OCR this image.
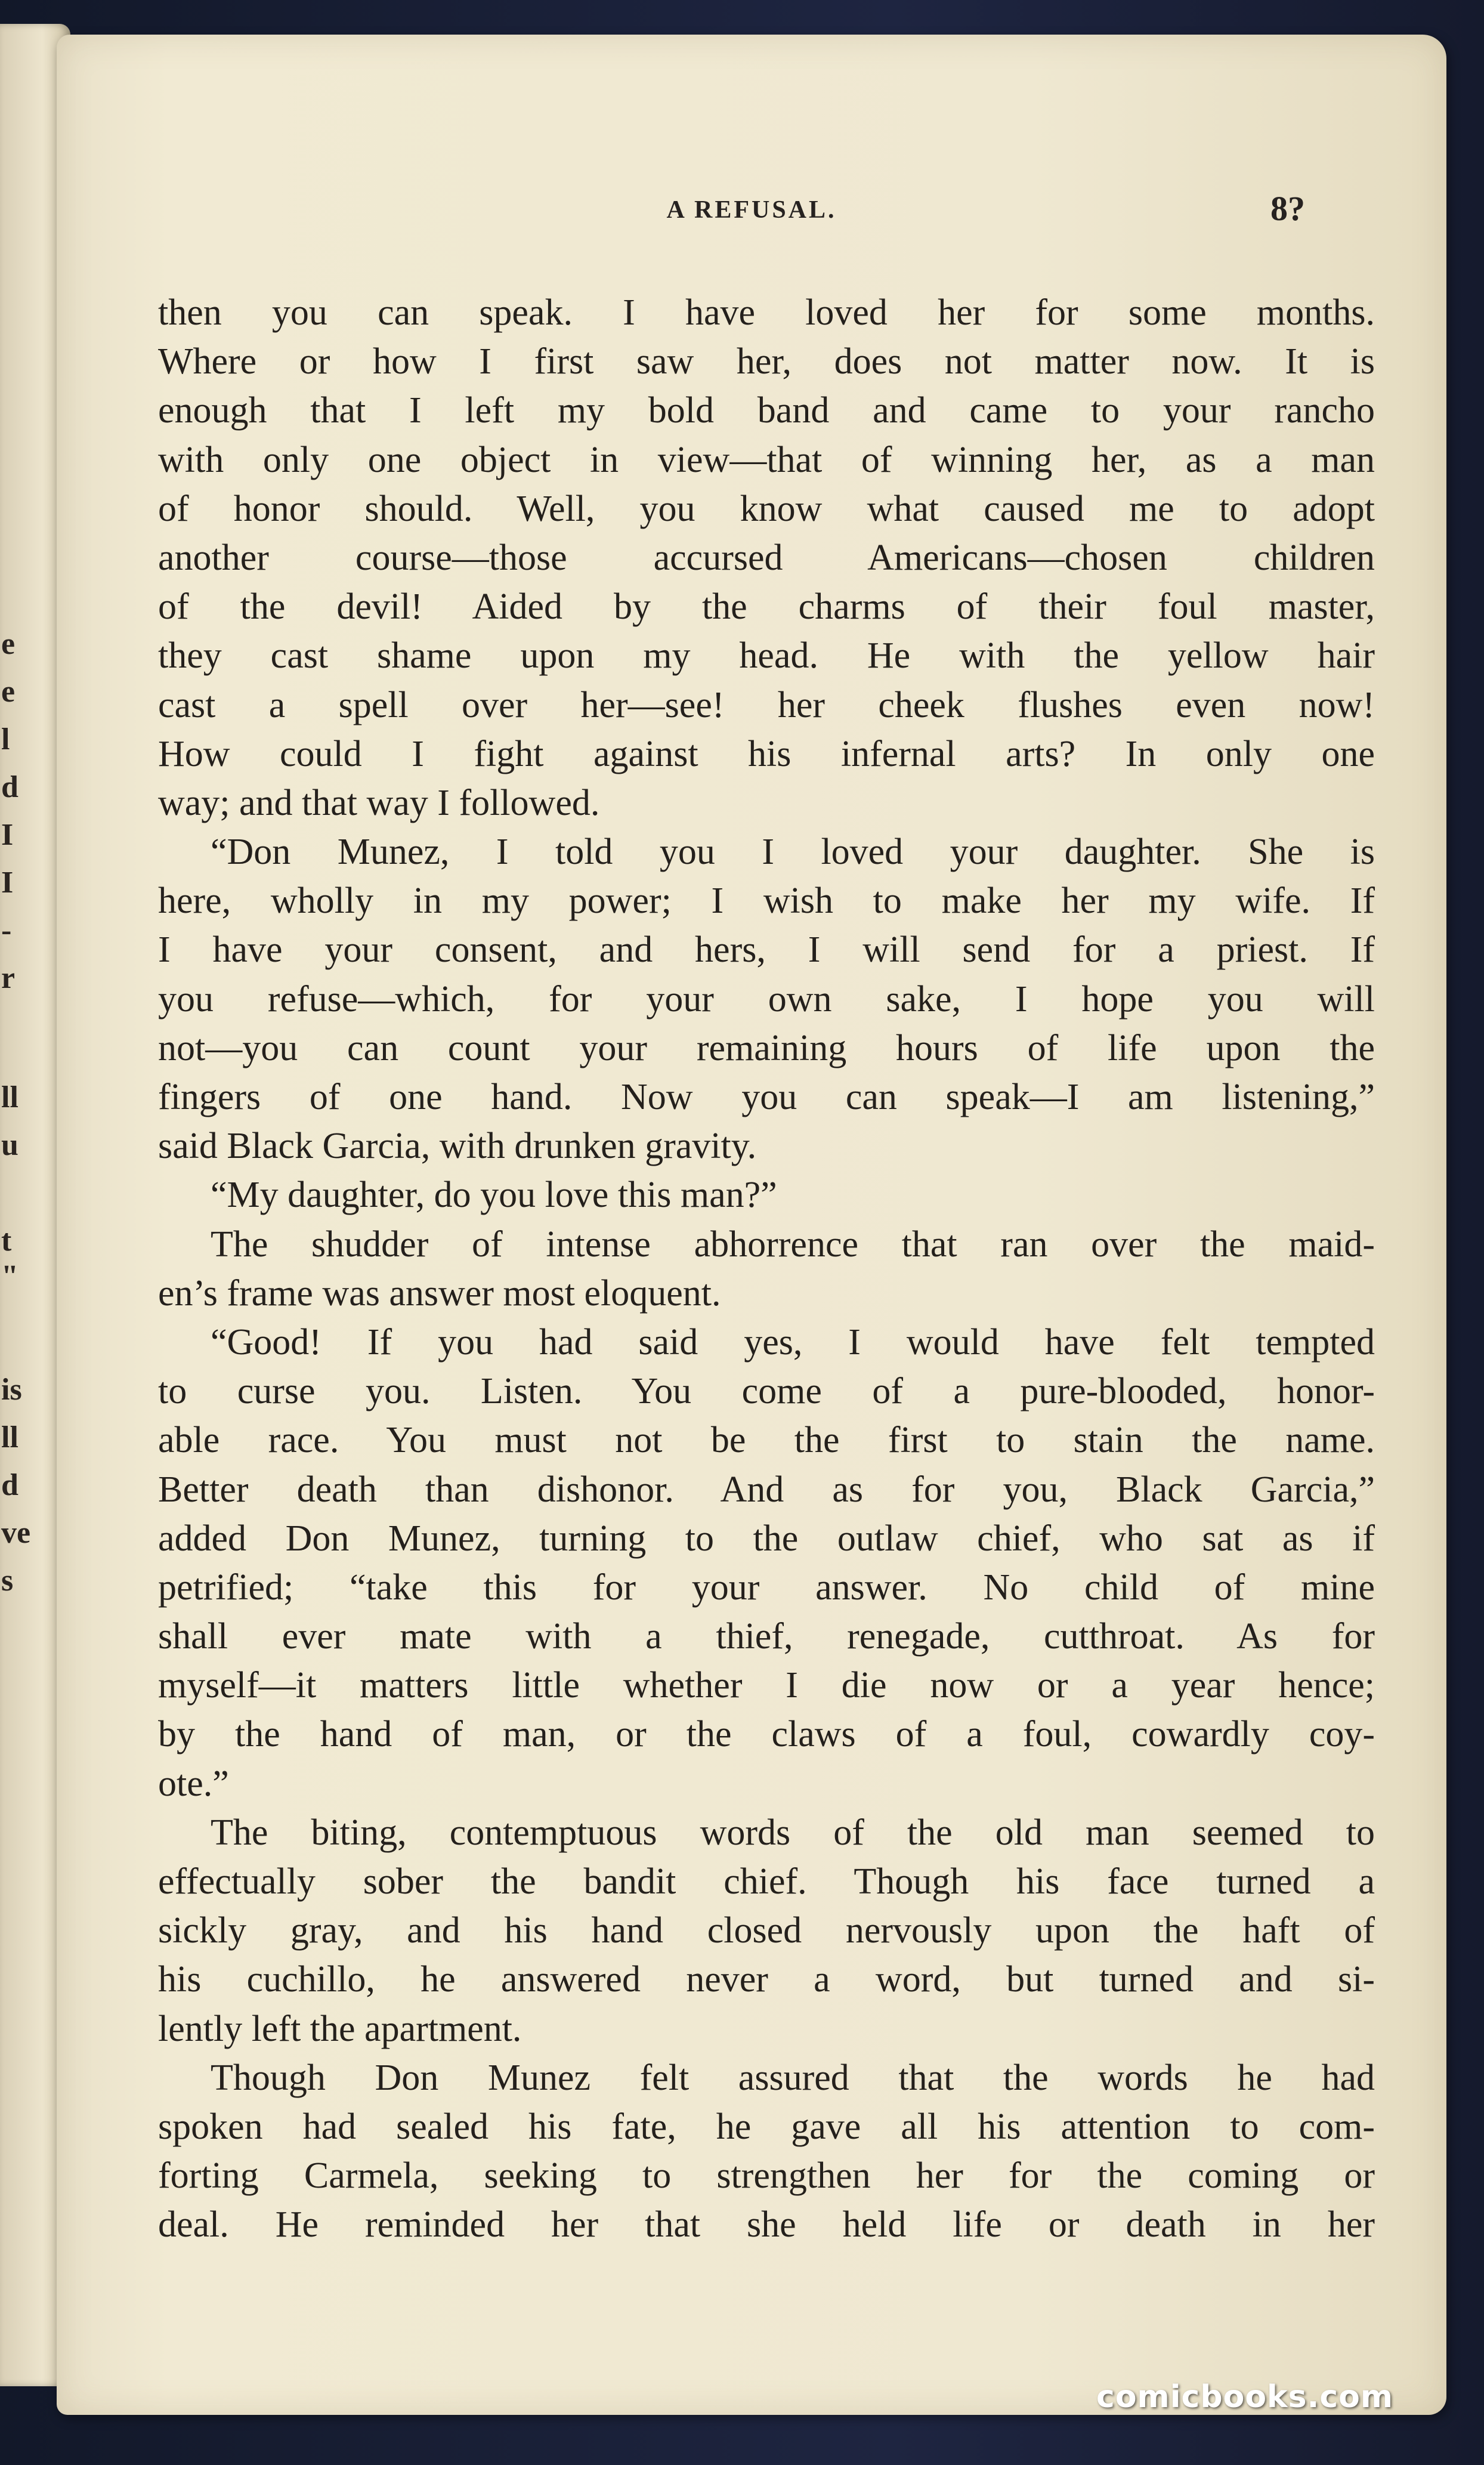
e
e
l
d
I
I
-
r
ll
u
t
"
is
ll
d
ve
s
A REFUSAL.	8?
then you can speak. I have loved her for some months.
Where or how I first saw her, does not matter now. It is
enough that I left my bold band and came to your rancho
with only one object in view—that of winning her, as a man
of honor should. Well, you know what caused me to adopt
another course—those accursed Americans—chosen children
of the devil! Aided by the charms of their foul master,
they cast shame upon my head. He with the yellow hair
cast a spell over her—see! her cheek flushes even now!
How could I fight against his infernal arts? In only one
way; and that way I followed.
“Don Munez, I told you I loved your daughter. She is
here, wholly in my power; I wish to make her my wife. If
I have your consent, and hers, I will send for a priest. If
you refuse—which, for your own sake, I hope you will
not—you can count your remaining hours of life upon the
fingers of one hand. Now you can speak—I am listening,”
said Black Garcia, with drunken gravity.
“My daughter, do you love this man?”
The shudder of intense abhorrence that ran over the maid-
en’s frame was answer most eloquent.
“Good! If you had said yes, I would have felt tempted
to curse you. Listen. You come of a pure-blooded, honor-
able race. You must not be the first to stain the name.
Better death than dishonor. And as for you, Black Garcia,”
added Don Munez, turning to the outlaw chief, who sat as if
petrified; “take this for your answer. No child of mine
shall ever mate with a thief, renegade, cutthroat. As for
myself—it matters little whether I die now or a year hence;
by the hand of man, or the claws of a foul, cowardly coy-
ote.”
The biting, contemptuous words of the old man seemed to
effectually sober the bandit chief. Though his face turned a
sickly gray, and his hand closed nervously upon the haft of
his cuchillo, he answered never a word, but turned and si-
lently left the apartment.
Though Don Munez felt assured that the words he had
spoken had sealed his fate, he gave all his attention to com-
forting Carmela, seeking to strengthen her for the coming or
deal. He reminded her that she held life or death in her
comicbooks.com
